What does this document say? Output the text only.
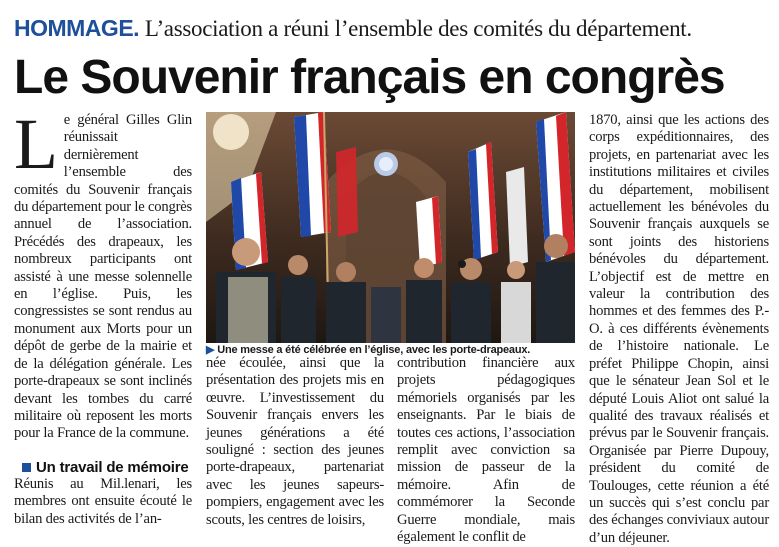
HOMMAGE. L’association a réuni l’ensemble des comités du département.
Le Souvenir français en congrès
L e général Gilles Glin réunissait dernièrement l’ensemble des comités du Souvenir français du département pour le congrès annuel de l’association. Précédés des drapeaux, les nombreux participants ont assisté à une messe solennelle en l’église. Puis, les congressistes se sont rendus au monument aux Morts pour un dépôt de gerbe de la mairie et de la délégation générale. Les porte-drapeaux se sont inclinés devant les tombes du carré militaire où reposent les morts pour la France de la commune.

Un travail de mémoire

Réunis au Mil.lenari, les membres ont ensuite écouté le bilan des activités de l’an-

▶ Une messe a été célébrée en l’église, avec les porte-drapeaux.

née écoulée, ainsi que la présentation des projets mis en œuvre. L’investissement du Souvenir français envers les jeunes générations a été souligné : section des jeunes porte-drapeaux, partenariat avec les jeunes sapeurs-pompiers, engagement avec les scouts, les centres de loisirs,

contribution financière aux projets pédagogiques mémoriels organisés par les enseignants. Par le biais de toutes ces actions, l’association remplit avec conviction sa mission de passeur de la mémoire. Afin de commémorer la Seconde Guerre mondiale, mais également le conflit de

1870, ainsi que les actions des corps expéditionnaires, des projets, en partenariat avec les institutions militaires et civiles du département, mobilisent actuellement les bénévoles du Souvenir français auxquels se sont joints des historiens bénévoles du département. L’objectif est de mettre en valeur la contribution des hommes et des femmes des P.-O. à ces différents évènements de l’histoire nationale. Le préfet Philippe Chopin, ainsi que le sénateur Jean Sol et le député Louis Aliot ont salué la qualité des travaux réalisés et prévus par le Souvenir français. Organisée par Pierre Dupouy, président du comité de Toulouges, cette réunion a été un succès qui s’est conclu par des échanges conviviaux autour d’un déjeuner.
